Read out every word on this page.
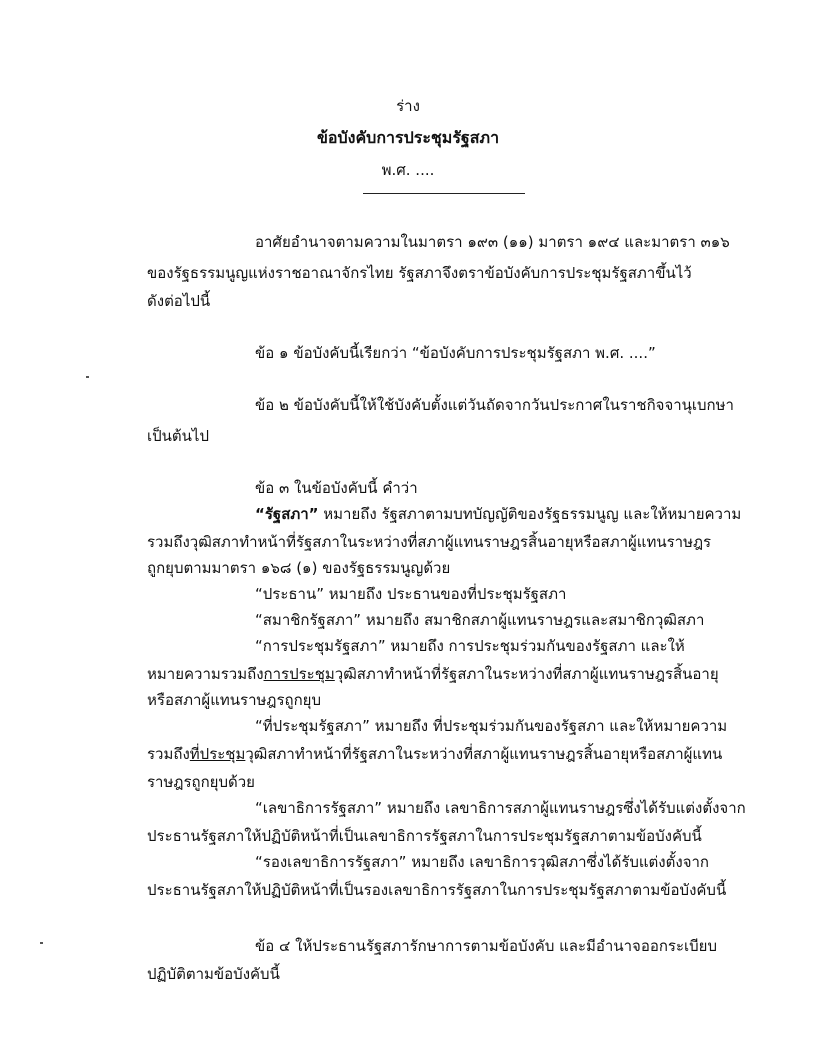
ร่าง
ข้อบังคับการประชุมรัฐสภา
พ.ศ. ....
อาศัยอำนาจตามความในมาตรา ๑๙๓ (๑๑) มาตรา ๑๙๔ และมาตรา ๓๑๖
ของรัฐธรรมนูญแห่งราชอาณาจักรไทย รัฐสภาจึงตราข้อบังคับการประชุมรัฐสภาขึ้นไว้
ดังต่อไปนี้
ข้อ ๑ ข้อบังคับนี้เรียกว่า “ข้อบังคับการประชุมรัฐสภา พ.ศ. ....”
ข้อ ๒ ข้อบังคับนี้ให้ใช้บังคับตั้งแต่วันถัดจากวันประกาศในราชกิจจานุเบกษา
เป็นต้นไป
ข้อ ๓ ในข้อบังคับนี้ คำว่า
“รัฐสภา” หมายถึง รัฐสภาตามบทบัญญัติของรัฐธรรมนูญ และให้หมายความ
รวมถึงวุฒิสภาทำหน้าที่รัฐสภาในระหว่างที่สภาผู้แทนราษฎรสิ้นอายุหรือสภาผู้แทนราษฎร
ถูกยุบตามมาตรา ๑๖๘ (๑) ของรัฐธรรมนูญด้วย
“ประธาน” หมายถึง ประธานของที่ประชุมรัฐสภา
“สมาชิกรัฐสภา” หมายถึง สมาชิกสภาผู้แทนราษฎรและสมาชิกวุฒิสภา
“การประชุมรัฐสภา” หมายถึง การประชุมร่วมกันของรัฐสภา และให้
หมายความรวมถึงการประชุมวุฒิสภาทำหน้าที่รัฐสภาในระหว่างที่สภาผู้แทนราษฎรสิ้นอายุ
หรือสภาผู้แทนราษฎรถูกยุบ
“ที่ประชุมรัฐสภา” หมายถึง ที่ประชุมร่วมกันของรัฐสภา และให้หมายความ
รวมถึงที่ประชุมวุฒิสภาทำหน้าที่รัฐสภาในระหว่างที่สภาผู้แทนราษฎรสิ้นอายุหรือสภาผู้แทน
ราษฎรถูกยุบด้วย
“เลขาธิการรัฐสภา” หมายถึง เลขาธิการสภาผู้แทนราษฎรซึ่งได้รับแต่งตั้งจาก
ประธานรัฐสภาให้ปฏิบัติหน้าที่เป็นเลขาธิการรัฐสภาในการประชุมรัฐสภาตามข้อบังคับนี้
“รองเลขาธิการรัฐสภา” หมายถึง เลขาธิการวุฒิสภาซึ่งได้รับแต่งตั้งจาก
ประธานรัฐสภาให้ปฏิบัติหน้าที่เป็นรองเลขาธิการรัฐสภาในการประชุมรัฐสภาตามข้อบังคับนี้
ข้อ ๔ ให้ประธานรัฐสภารักษาการตามข้อบังคับ และมีอำนาจออกระเบียบ
ปฏิบัติตามข้อบังคับนี้
